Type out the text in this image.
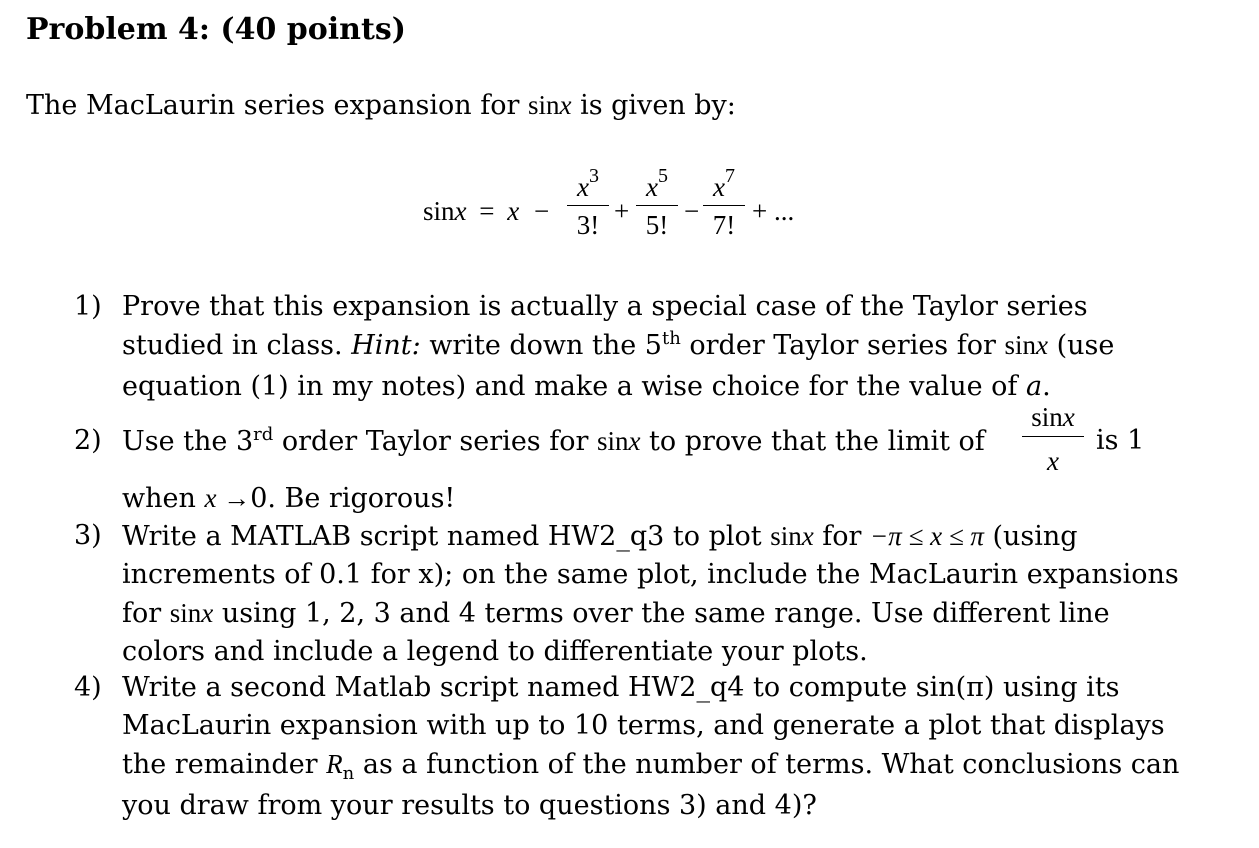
Problem 4: (40 points)
The MacLaurin series expansion for sinx is given by:
sinx = x −
$x^3$
3! +
$x^5$
5! −
$x^7$
7! + ...
1) Prove that this expansion is actually a special case of the Taylor series
studied in class. Hint: write down the 5th order Taylor series for sinx (use
equation (1) in my notes) and make a wise choice for the value of a.
2) Use the 3rd order Taylor series for sinx to prove that the limit of
sinx
x
is 1
when x →0. Be rigorous!
3) Write a MATLAB script named HW2_q3 to plot sinx for −π ≤ x ≤ π (using
increments of 0.1 for x); on the same plot, include the MacLaurin expansions
for sinx using 1, 2, 3 and 4 terms over the same range. Use different line
colors and include a legend to differentiate your plots.
4) Write a second Matlab script named HW2_q4 to compute sin(π) using its
MacLaurin expansion with up to 10 terms, and generate a plot that displays
the remainder $R_n$ as a function of the number of terms. What conclusions can
you draw from your results to questions 3) and 4)?
